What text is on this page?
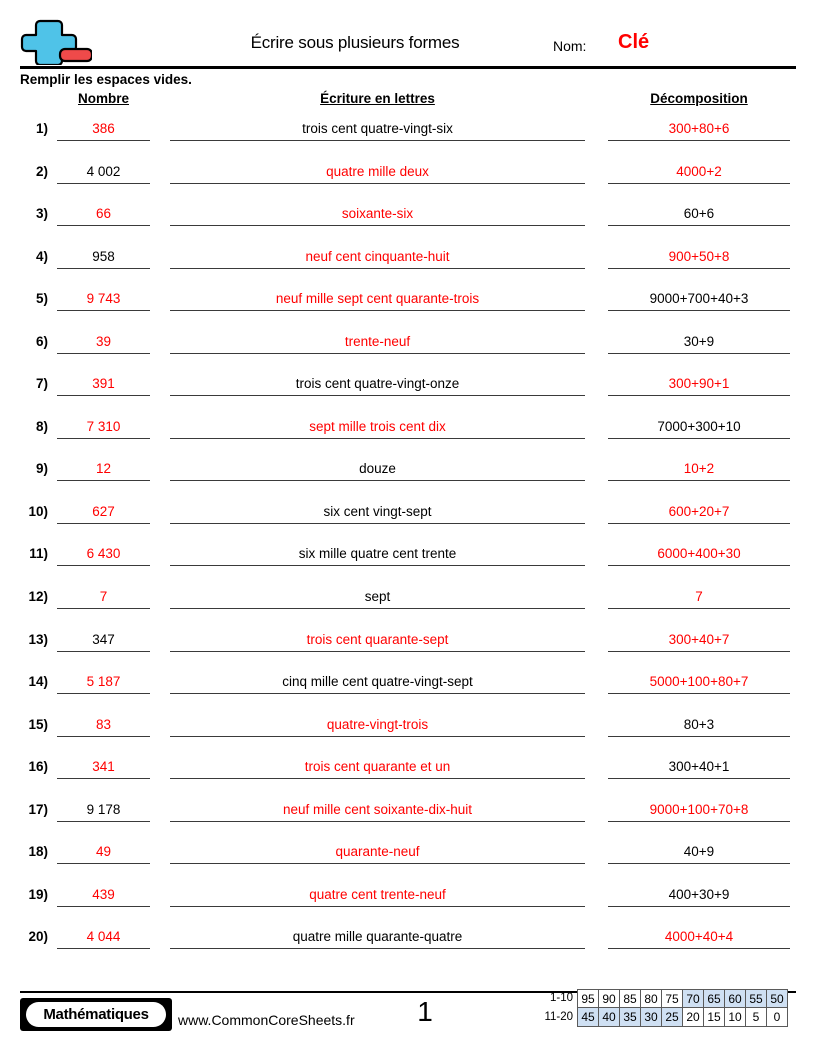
Écrire sous plusieurs formes	Nom: Clé
Remplir les espaces vides.
Nombre	Écriture en lettres	Décomposition
1)	386	trois cent quatre-vingt-six	300+80+6
2)	4 002	quatre mille deux	4000+2
3)	66	soixante-six	60+6
4)	958	neuf cent cinquante-huit	900+50+8
5)	9 743	neuf mille sept cent quarante-trois	9000+700+40+3
6)	39	trente-neuf	30+9
7)	391	trois cent quatre-vingt-onze	300+90+1
8)	7 310	sept mille trois cent dix	7000+300+10
9)	12	douze	10+2
10)	627	six cent vingt-sept	600+20+7
11)	6 430	six mille quatre cent trente	6000+400+30
12)	7	sept	7
13)	347	trois cent quarante-sept	300+40+7
14)	5 187	cinq mille cent quatre-vingt-sept	5000+100+80+7
15)	83	quatre-vingt-trois	80+3
16)	341	trois cent quarante et un	300+40+1
17)	9 178	neuf mille cent soixante-dix-huit	9000+100+70+8
18)	49	quarante-neuf	40+9
19)	439	quatre cent trente-neuf	400+30+9
20)	4 044	quatre mille quarante-quatre	4000+40+4
Mathématiques	www.CommonCoreSheets.fr 1	1-10 95 90 85 80 75 70 65 60 55 50
11-20 45 40 35 30 25 20 15 10 5	0
